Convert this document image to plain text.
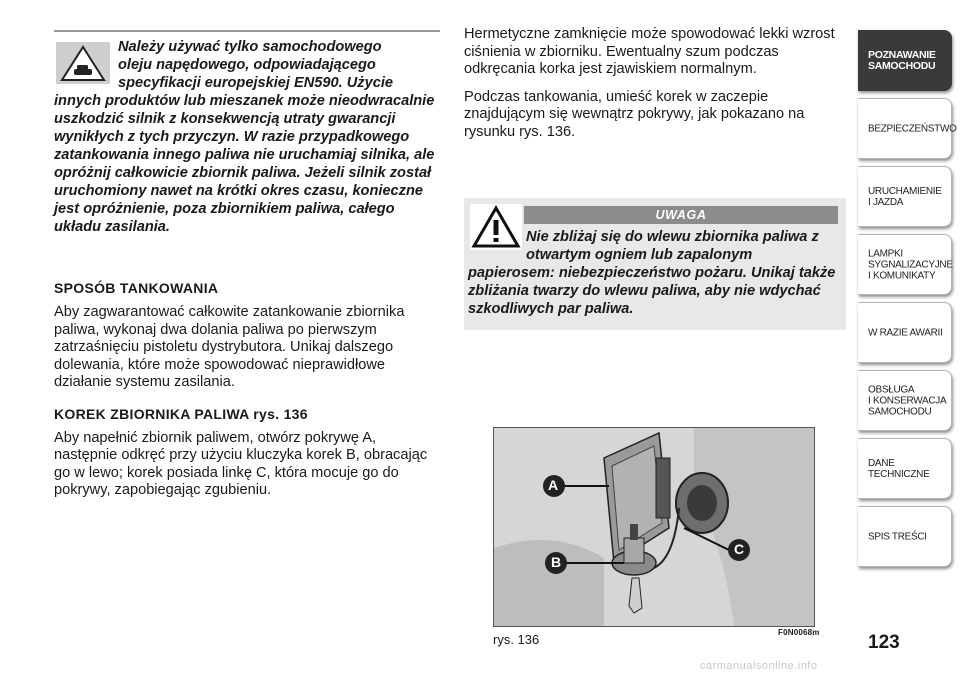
Należy używać tylko samochodowego

oleju napędowego, odpowiadającego

specyfikacji europejskiej EN590. Użycie

innych produktów lub mieszanek może nieodwracalnie uszkodzić silnik z konsekwencją utraty gwarancji wynikłych z tych przyczyn. W razie przypadkowego zatankowania innego paliwa nie uruchamiaj silnika, ale opróżnij całkowicie zbiornik paliwa. Jeżeli silnik został uruchomiony nawet na krótki okres czasu, konieczne jest opróżnienie, poza zbiornikiem paliwa, całego układu zasilania.

SPOSÓB TANKOWANIA

Aby zagwarantować całkowite zatankowanie zbiornika paliwa, wykonaj dwa dolania paliwa po pierwszym zatrzaśnięciu pistoletu dystrybutora. Unikaj dalszego dolewania, które może spowodować nieprawidłowe działanie systemu zasilania.

KOREK ZBIORNIKA PALIWA rys. 136

Aby napełnić zbiornik paliwem, otwórz pokrywę A, następnie odkręć przy użyciu kluczyka korek B, obracając go w lewo; korek posiada linkę C, która mocuje go do pokrywy, zapobiegając zgubieniu.

Hermetyczne zamknięcie może spowodować lekki wzrost ciśnienia w zbiorniku. Ewentualny szum podczas odkręcania korka jest zjawiskiem normalnym.

Podczas tankowania, umieść korek w zaczepie znajdującym się wewnątrz pokrywy, jak pokazano na rysunku rys. 136.

UWAGA

Nie zbliżaj się do wlewu zbiornika paliwa z otwartym ogniem lub zapalonym

papierosem: niebezpieczeństwo pożaru. Unikaj także zbliżania twarzy do wlewu paliwa, aby nie wdychać szkodliwych par paliwa.

A
B
C
rys. 136	F0N0068m
POZNAWANIE
SAMOCHODU
BEZPIECZEŃSTWO
URUCHAMIENIE
I JAZDA
LAMPKI
SYGNALIZACYJNE
I KOMUNIKATY
W RAZIE AWARII
OBSŁUGA
I KONSERWACJA
SAMOCHODU
DANE TECHNICZNE
SPIS TREŚCI
123
carmanualsonline.info
